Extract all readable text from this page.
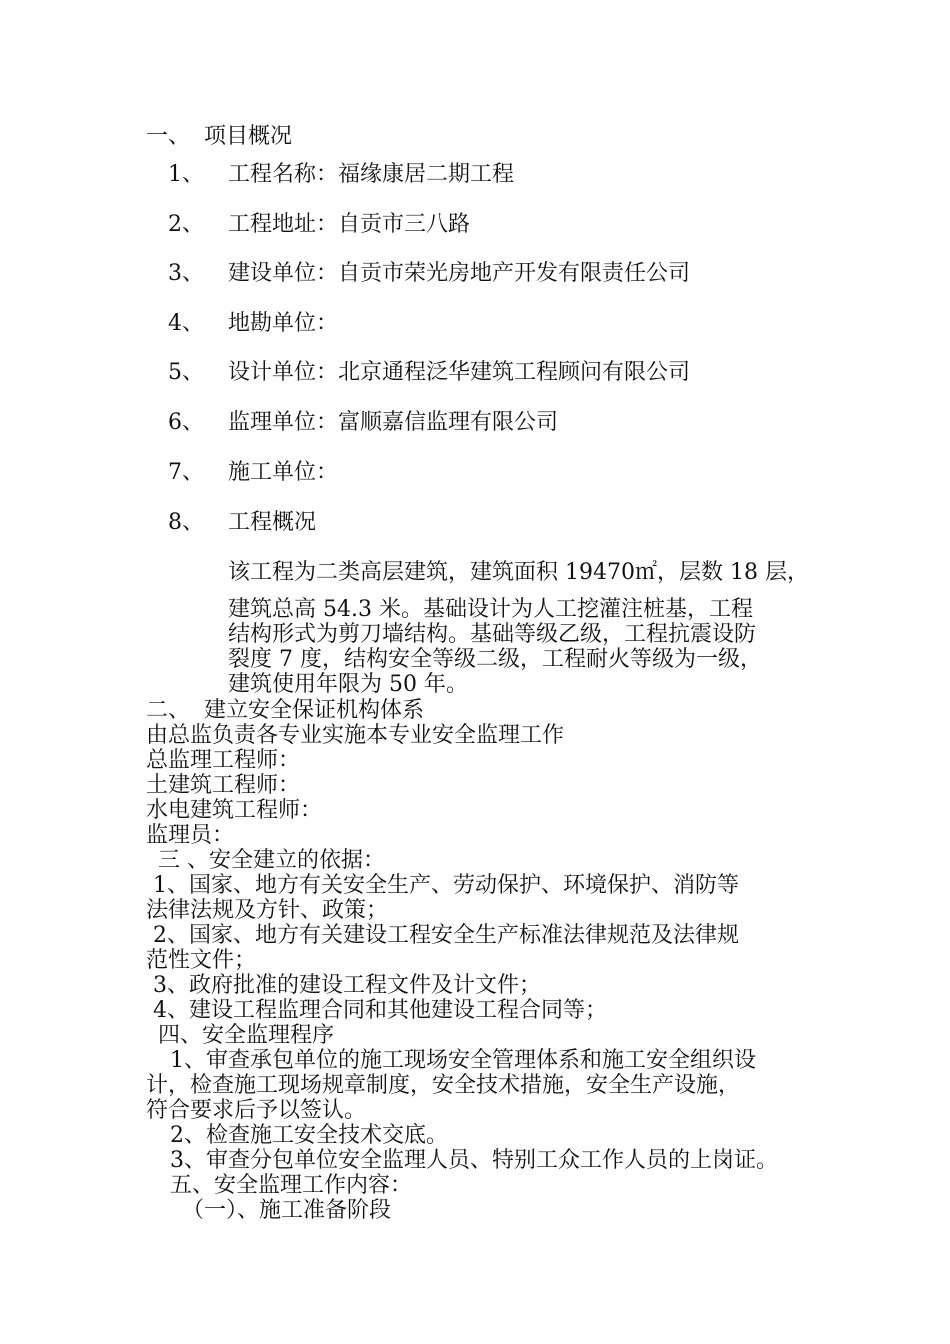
一、 项目概况
1、 工程名称：福缘康居二期工程
2、 工程地址：自贡市三八路
3、 建设单位：自贡市荣光房地产开发有限责任公司
4、 地勘单位：
5、 设计单位：北京通程泛华建筑工程顾问有限公司
6、 监理单位：富顺嘉信监理有限公司
7、 施工单位：
8、 工程概况
该工程为二类高层建筑，建筑面积 19470㎡，层数 18 层，
建筑总高 54.3 米。基础设计为人工挖灌注桩基，工程
结构形式为剪刀墙结构。基础等级乙级，工程抗震设防
裂度 7 度，结构安全等级二级，工程耐火等级为一级，
建筑使用年限为 50 年。
二、 建立安全保证机构体系
由总监负责各专业实施本专业安全监理工作
总监理工程师：
土建筑工程师：
水电建筑工程师：
监理员：
三 、安全建立的依据：
1、国家、地方有关安全生产、劳动保护、环境保护、消防等
法律法规及方针、政策；
2、国家、地方有关建设工程安全生产标准法律规范及法律规
范性文件；
3、政府批准的建设工程文件及计文件；
4、建设工程监理合同和其他建设工程合同等；
四、安全监理程序
1、审查承包单位的施工现场安全管理体系和施工安全组织设
计，检查施工现场规章制度，安全技术措施，安全生产设施，
符合要求后予以签认。
2、检查施工安全技术交底。
3、审查分包单位安全监理人员、特别工众工作人员的上岗证。
五、安全监理工作内容：
（一）、施工准备阶段
